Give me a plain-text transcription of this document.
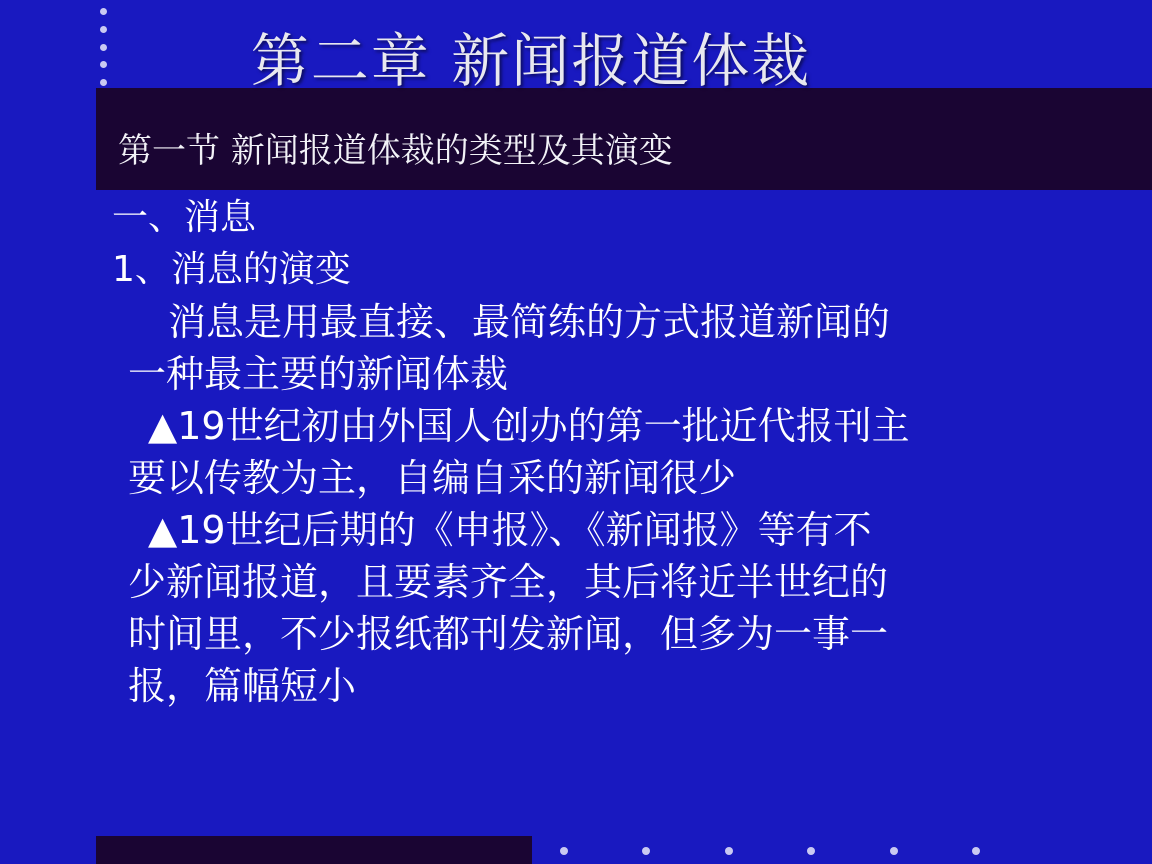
第二章 新闻报道体裁
第一节 新闻报道体裁的类型及其演变
一、消息
1、消息的演变
消息是用最直接、最简练的方式报道新闻的
一种最主要的新闻体裁
▲19世纪初由外国人创办的第一批近代报刊主
要以传教为主，自编自采的新闻很少
▲19世纪后期的《申报》、《新闻报》等有不
少新闻报道，且要素齐全，其后将近半世纪的
时间里，不少报纸都刊发新闻，但多为一事一
报，篇幅短小
